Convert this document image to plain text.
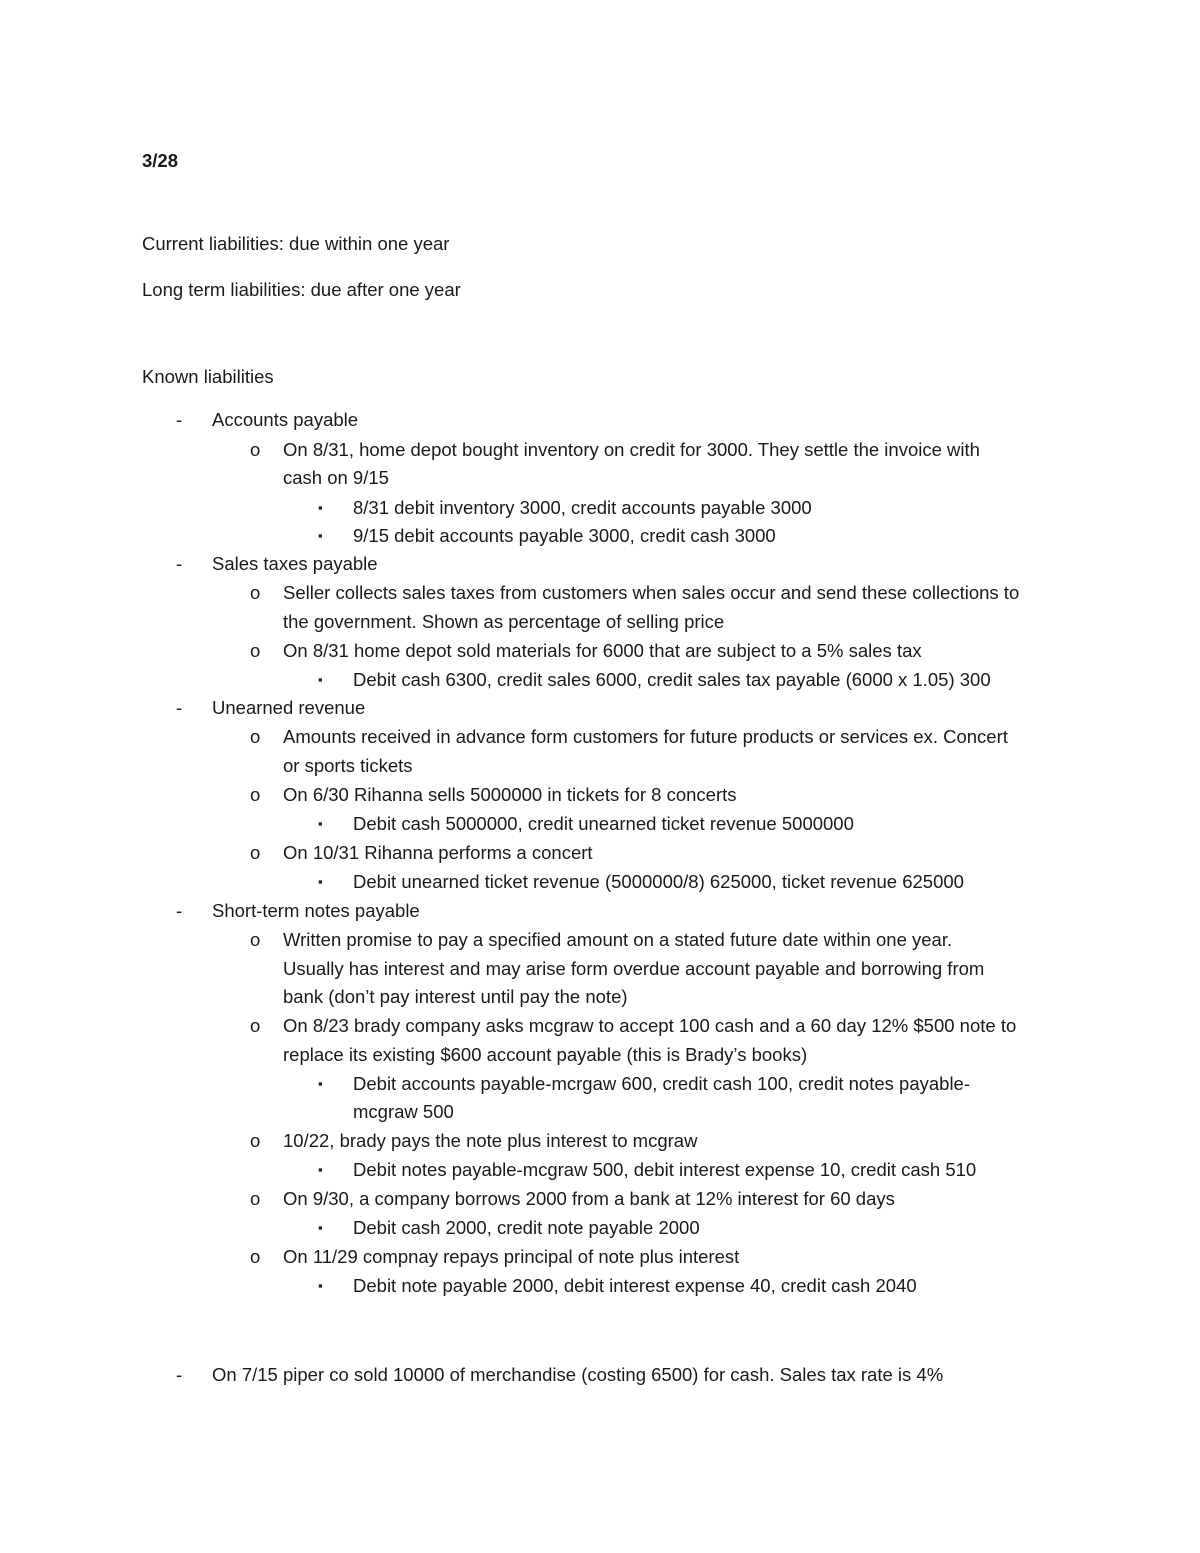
3/28
Current liabilities: due within one year
Long term liabilities: due after one year
Known liabilities
- Accounts payable
o On 8/31, home depot bought inventory on credit for 3000. They settle the invoice with
cash on 9/15
▪ 8/31 debit inventory 3000, credit accounts payable 3000
▪ 9/15 debit accounts payable 3000, credit cash 3000
- Sales taxes payable
o Seller collects sales taxes from customers when sales occur and send these collections to
the government. Shown as percentage of selling price
o On 8/31 home depot sold materials for 6000 that are subject to a 5% sales tax
▪ Debit cash 6300, credit sales 6000, credit sales tax payable (6000 x 1.05) 300
- Unearned revenue
o Amounts received in advance form customers for future products or services ex. Concert
or sports tickets
o On 6/30 Rihanna sells 5000000 in tickets for 8 concerts
▪ Debit cash 5000000, credit unearned ticket revenue 5000000
o On 10/31 Rihanna performs a concert
▪ Debit unearned ticket revenue (5000000/8) 625000, ticket revenue 625000
- Short-term notes payable
o Written promise to pay a specified amount on a stated future date within one year.
Usually has interest and may arise form overdue account payable and borrowing from
bank (don’t pay interest until pay the note)
o On 8/23 brady company asks mcgraw to accept 100 cash and a 60 day 12% $500 note to
replace its existing $600 account payable (this is Brady’s books)
▪ Debit accounts payable-mcrgaw 600, credit cash 100, credit notes payable-
mcgraw 500
o 10/22, brady pays the note plus interest to mcgraw
▪ Debit notes payable-mcgraw 500, debit interest expense 10, credit cash 510
o On 9/30, a company borrows 2000 from a bank at 12% interest for 60 days
▪ Debit cash 2000, credit note payable 2000
o On 11/29 compnay repays principal of note plus interest
▪ Debit note payable 2000, debit interest expense 40, credit cash 2040
- On 7/15 piper co sold 10000 of merchandise (costing 6500) for cash. Sales tax rate is 4%
